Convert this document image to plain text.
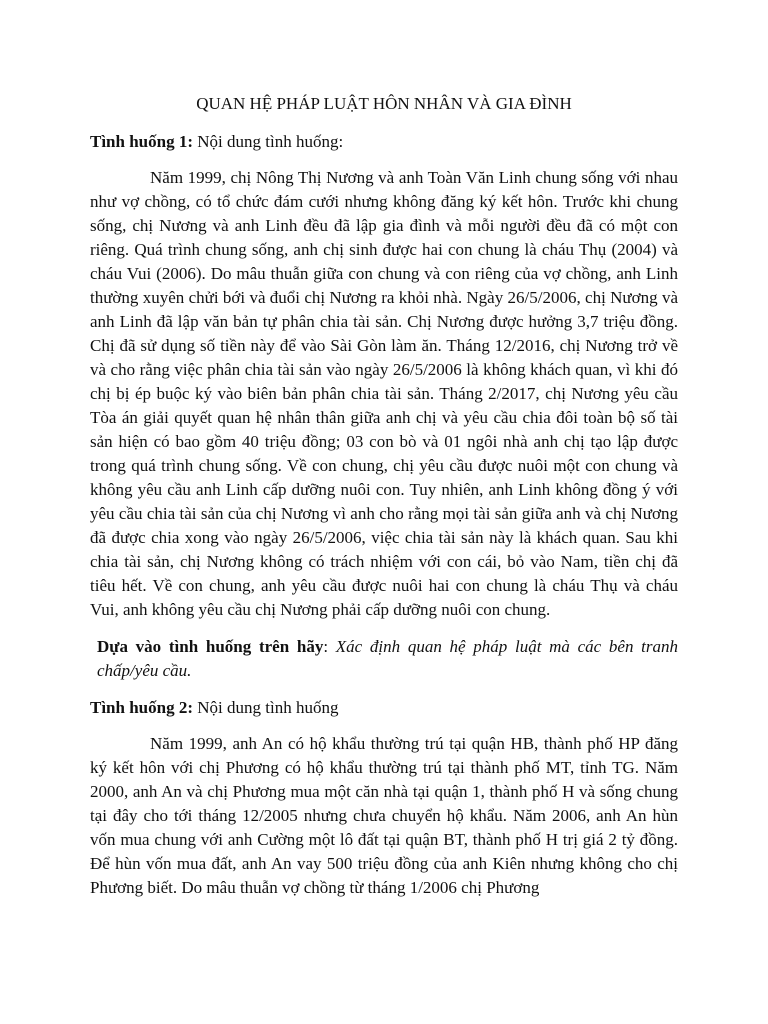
QUAN HỆ PHÁP LUẬT HÔN NHÂN VÀ GIA ĐÌNH
Tình huống 1: Nội dung tình huống:

Năm 1999, chị Nông Thị Nương và anh Toàn Văn Linh chung sống với nhau như vợ chồng, có tổ chức đám cưới nhưng không đăng ký kết hôn. Trước khi chung sống, chị Nương và anh Linh đều đã lập gia đình và mỗi người đều đã có một con riêng. Quá trình chung sống, anh chị sinh được hai con chung là cháu Thụ (2004) và cháu Vui (2006). Do mâu thuẫn giữa con chung và con riêng của vợ chồng, anh Linh thường xuyên chửi bới và đuổi chị Nương ra khỏi nhà. Ngày 26/5/2006, chị Nương và anh Linh đã lập văn bản tự phân chia tài sản. Chị Nương được hưởng 3,7 triệu đồng. Chị đã sử dụng số tiền này để vào Sài Gòn làm ăn. Tháng 12/2016, chị Nương trở về và cho rằng việc phân chia tài sản vào ngày 26/5/2006 là không khách quan, vì khi đó chị bị ép buộc ký vào biên bản phân chia tài sản. Tháng 2/2017, chị Nương yêu cầu Tòa án giải quyết quan hệ nhân thân giữa anh chị và yêu cầu chia đôi toàn bộ số tài sản hiện có bao gồm 40 triệu đồng; 03 con bò và 01 ngôi nhà anh chị tạo lập được trong quá trình chung sống. Về con chung, chị yêu cầu được nuôi một con chung và không yêu cầu anh Linh cấp dưỡng nuôi con. Tuy nhiên, anh Linh không đồng ý với yêu cầu chia tài sản của chị Nương vì anh cho rằng mọi tài sản giữa anh và chị Nương đã được chia xong vào ngày 26/5/2006, việc chia tài sản này là khách quan. Sau khi chia tài sản, chị Nương không có trách nhiệm với con cái, bỏ vào Nam, tiền chị đã tiêu hết. Về con chung, anh yêu cầu được nuôi hai con chung là cháu Thụ và cháu Vui, anh không yêu cầu chị Nương phải cấp dưỡng nuôi con chung.

Dựa vào tình huống trên hãy: Xác định quan hệ pháp luật mà các bên tranh chấp/yêu cầu.

Tình huống 2: Nội dung tình huống

Năm 1999, anh An có hộ khẩu thường trú tại quận HB, thành phố HP đăng ký kết hôn với chị Phương có hộ khẩu thường trú tại thành phố MT, tỉnh TG. Năm 2000, anh An và chị Phương mua một căn nhà tại quận 1, thành phố H và sống chung tại đây cho tới tháng 12/2005 nhưng chưa chuyển hộ khẩu. Năm 2006, anh An hùn vốn mua chung với anh Cường một lô đất tại quận BT, thành phố H trị giá 2 tỷ đồng. Để hùn vốn mua đất, anh An vay 500 triệu đồng của anh Kiên nhưng không cho chị Phương biết. Do mâu thuẫn vợ chồng từ tháng 1/2006 chị Phương
